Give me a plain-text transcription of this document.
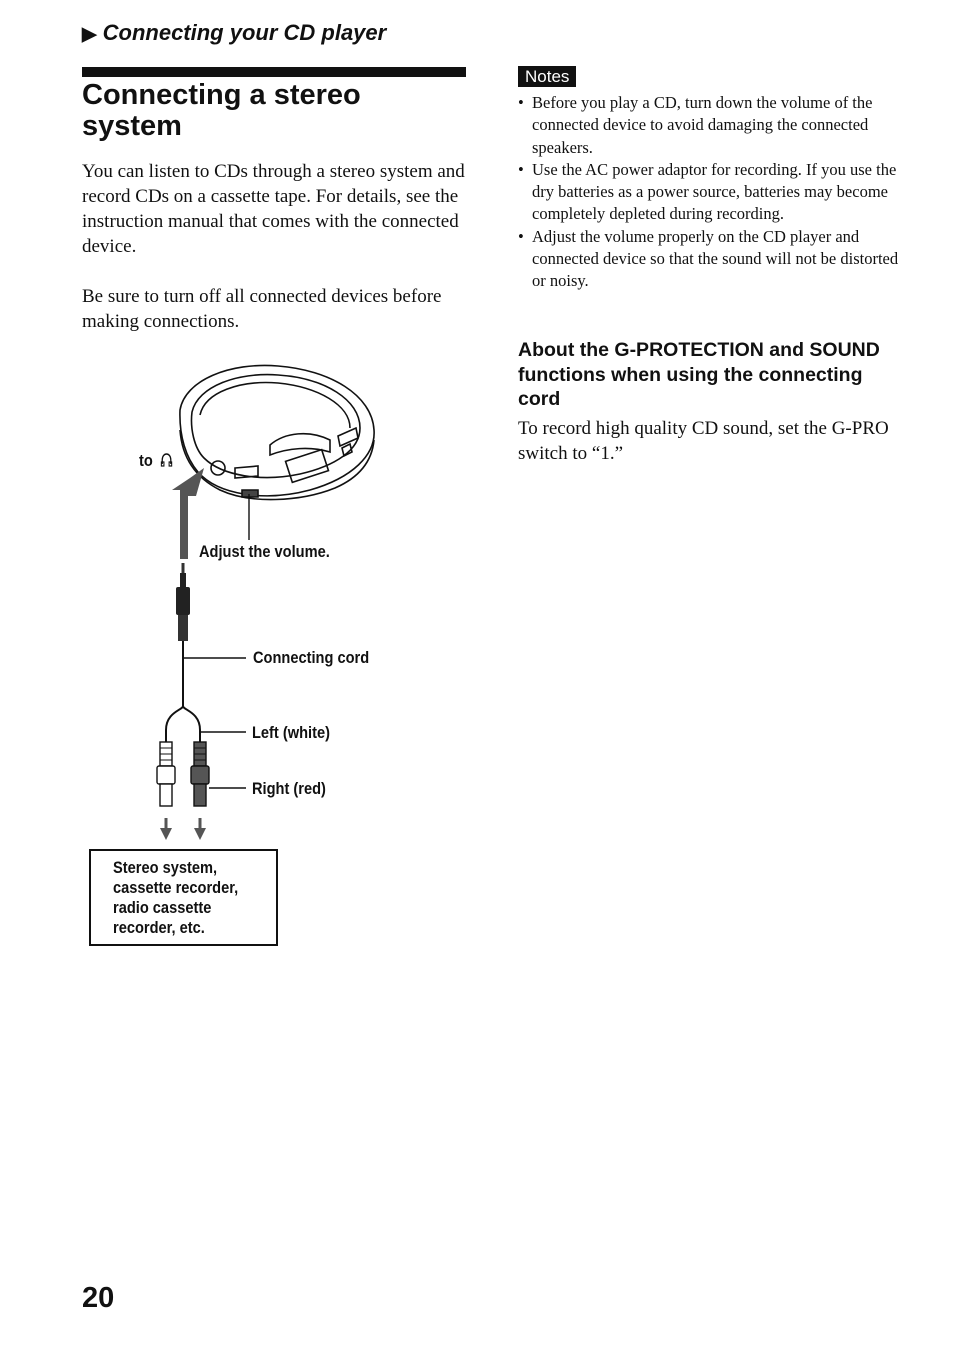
▶ Connecting your CD player
Connecting a stereo system

You can listen to CDs through a stereo system and record CDs on a cassette tape. For details, see the instruction manual that comes with the connected device.

Be sure to turn off all connected devices before making connections.

to
Adjust the volume.
Connecting cord
Left (white)
Right (red)
Stereo system,
cassette recorder,
radio cassette
recorder, etc.
Notes
• Before you play a CD, turn down the volume of the connected device to avoid damaging the connected speakers.
• Use the AC power adaptor for recording. If you use the dry batteries as a power source, batteries may become completely depleted during recording.
• Adjust the volume properly on the CD player and connected device so that the sound will not be distorted or noisy.
About the G-PROTECTION and SOUND functions when using the connecting cord

To record high quality CD sound, set the G-PRO switch to “1.”

20
